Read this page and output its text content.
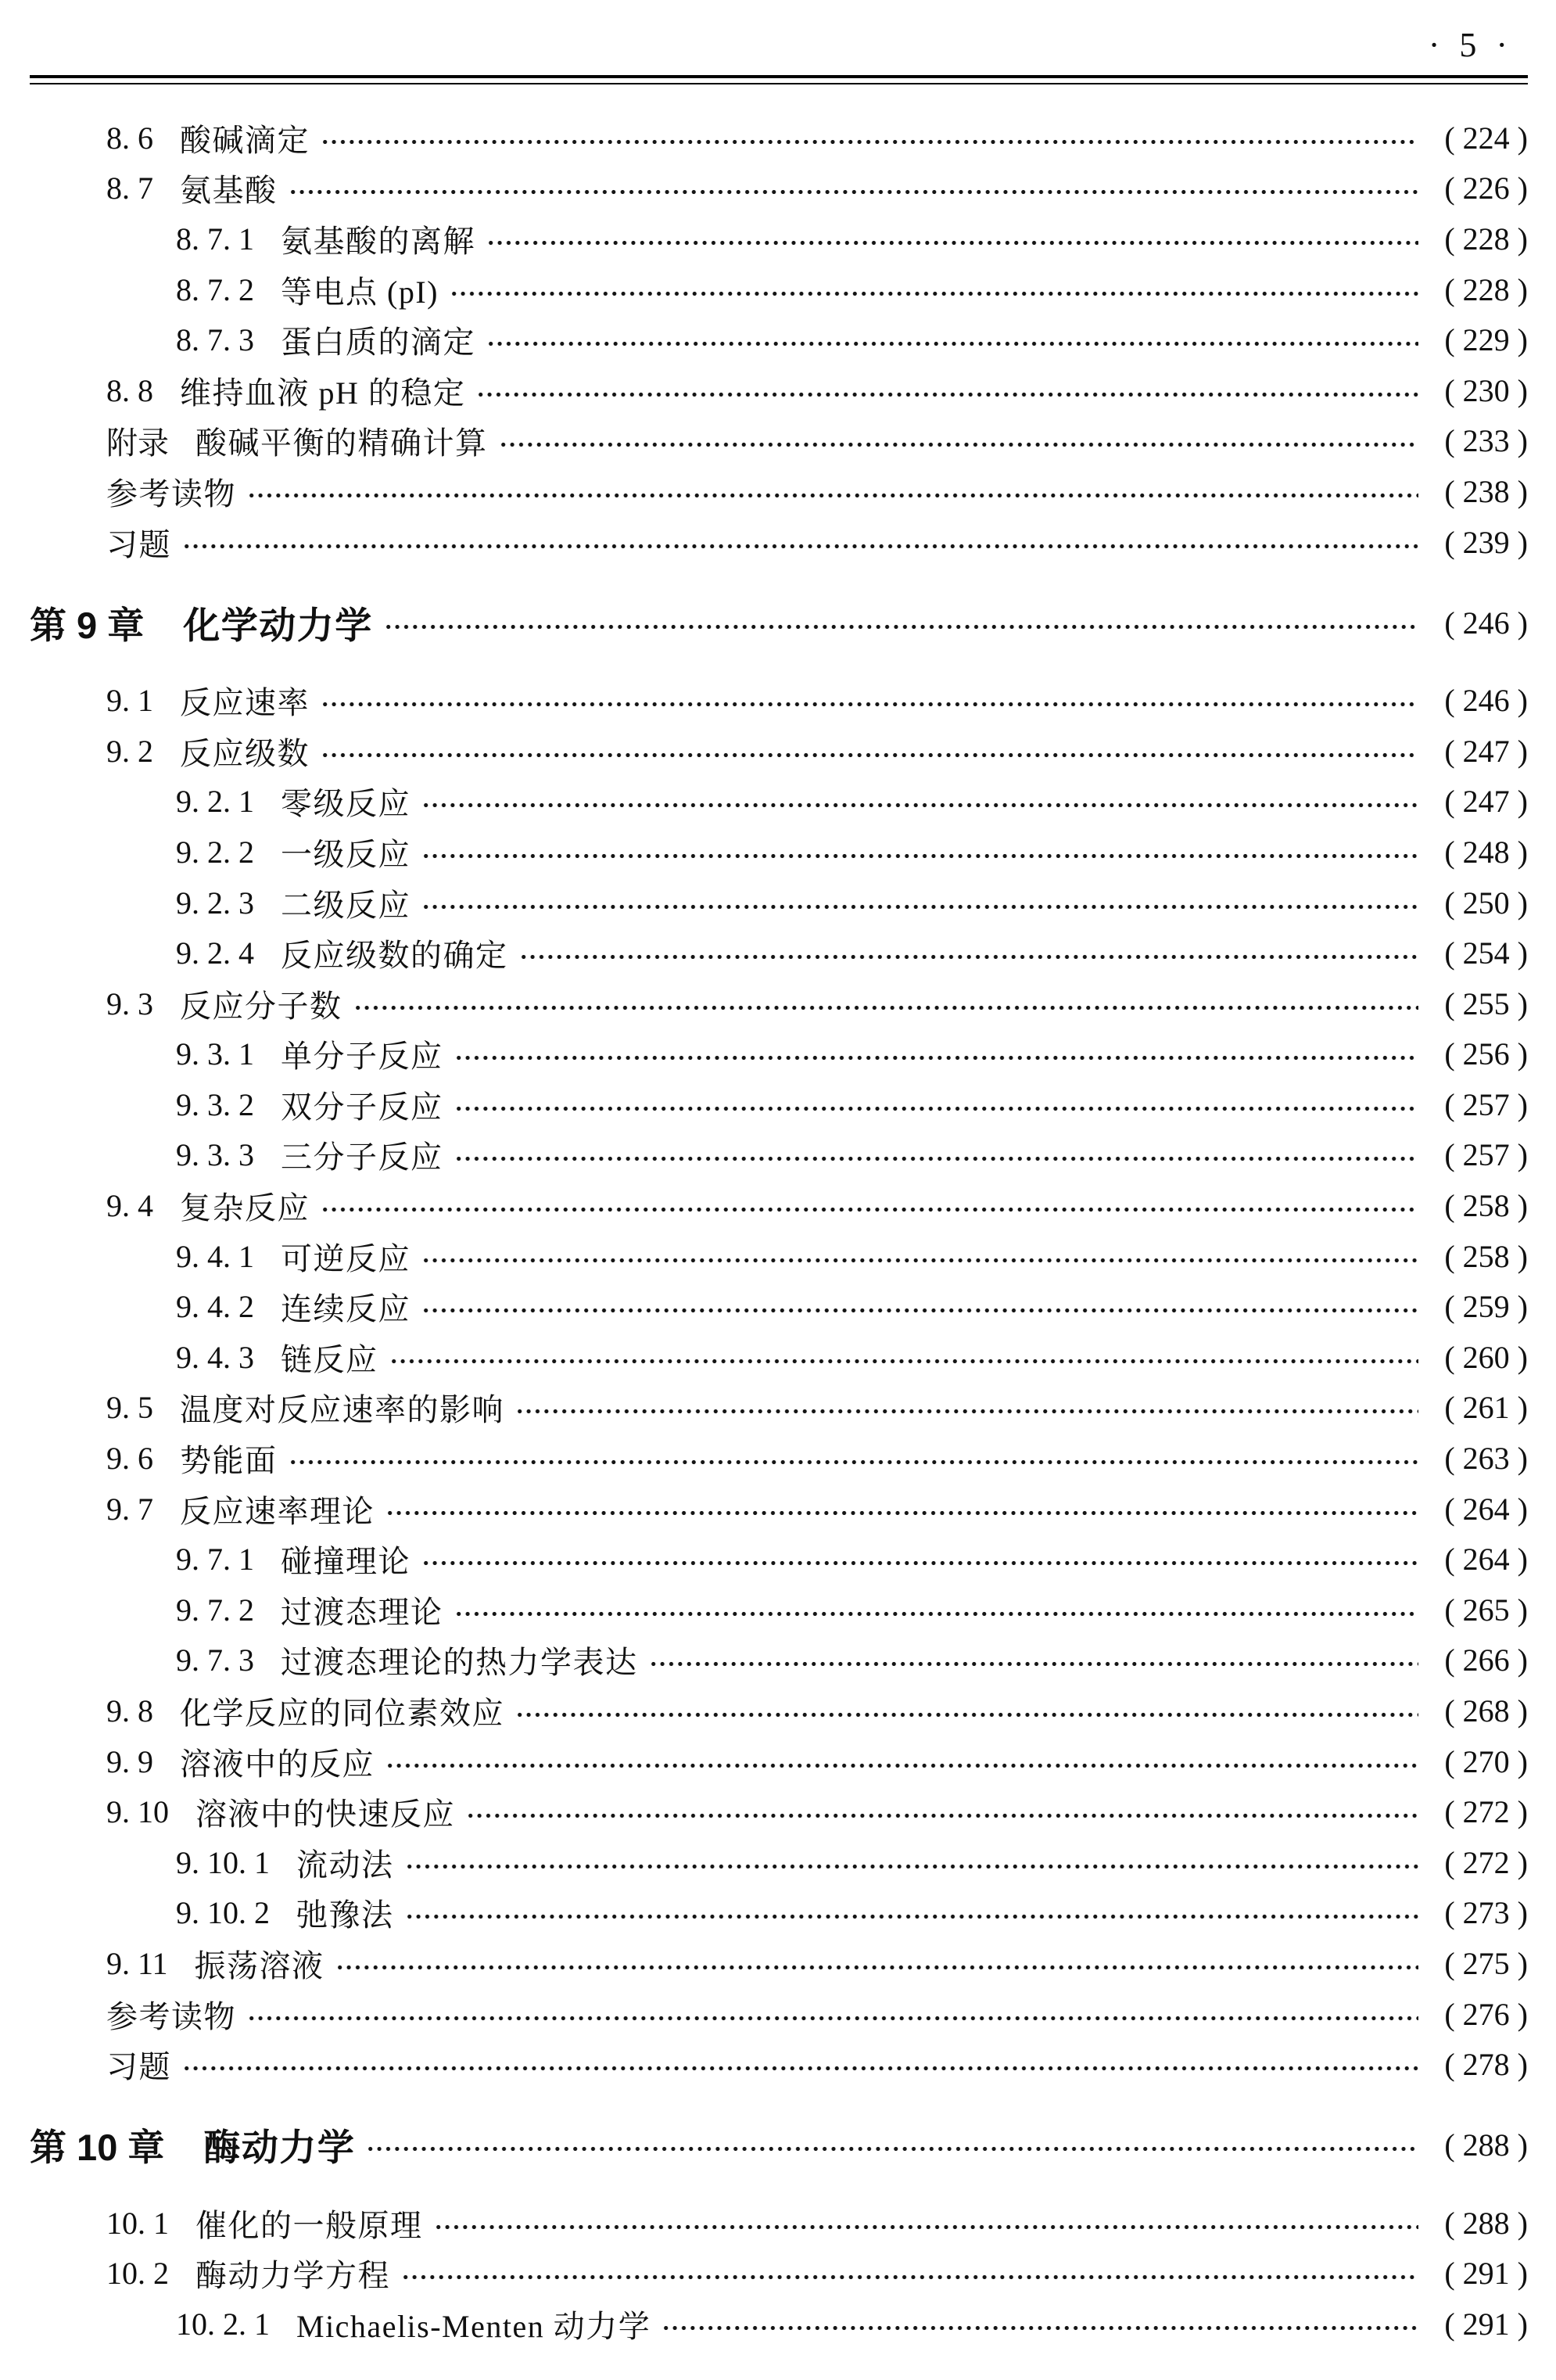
· 5 ·
8. 6 酸碱滴定	( 224 )
8. 7 氨基酸	( 226 )
8. 7. 1 氨基酸的离解	( 228 )
8. 7. 2 等电点 (pI)	( 228 )
8. 7. 3 蛋白质的滴定	( 229 )
8. 8 维持血液 pH 的稳定	( 230 )
附录 酸碱平衡的精确计算	( 233 )
参考读物	( 238 )
习题	( 239 )
第 9 章 化学动力学	( 246 )
9. 1 反应速率	( 246 )
9. 2 反应级数	( 247 )
9. 2. 1 零级反应	( 247 )
9. 2. 2 一级反应	( 248 )
9. 2. 3 二级反应	( 250 )
9. 2. 4 反应级数的确定	( 254 )
9. 3 反应分子数	( 255 )
9. 3. 1 单分子反应	( 256 )
9. 3. 2 双分子反应	( 257 )
9. 3. 3 三分子反应	( 257 )
9. 4 复杂反应	( 258 )
9. 4. 1 可逆反应	( 258 )
9. 4. 2 连续反应	( 259 )
9. 4. 3 链反应	( 260 )
9. 5 温度对反应速率的影响	( 261 )
9. 6 势能面	( 263 )
9. 7 反应速率理论	( 264 )
9. 7. 1 碰撞理论	( 264 )
9. 7. 2 过渡态理论	( 265 )
9. 7. 3 过渡态理论的热力学表达	( 266 )
9. 8 化学反应的同位素效应	( 268 )
9. 9 溶液中的反应	( 270 )
9. 10 溶液中的快速反应	( 272 )
9. 10. 1 流动法	( 272 )
9. 10. 2 弛豫法	( 273 )
9. 11 振荡溶液	( 275 )
参考读物	( 276 )
习题	( 278 )
第 10 章 酶动力学	( 288 )
10. 1 催化的一般原理	( 288 )
10. 2 酶动力学方程	( 291 )
10. 2. 1 Michaelis-Menten 动力学	( 291 )
